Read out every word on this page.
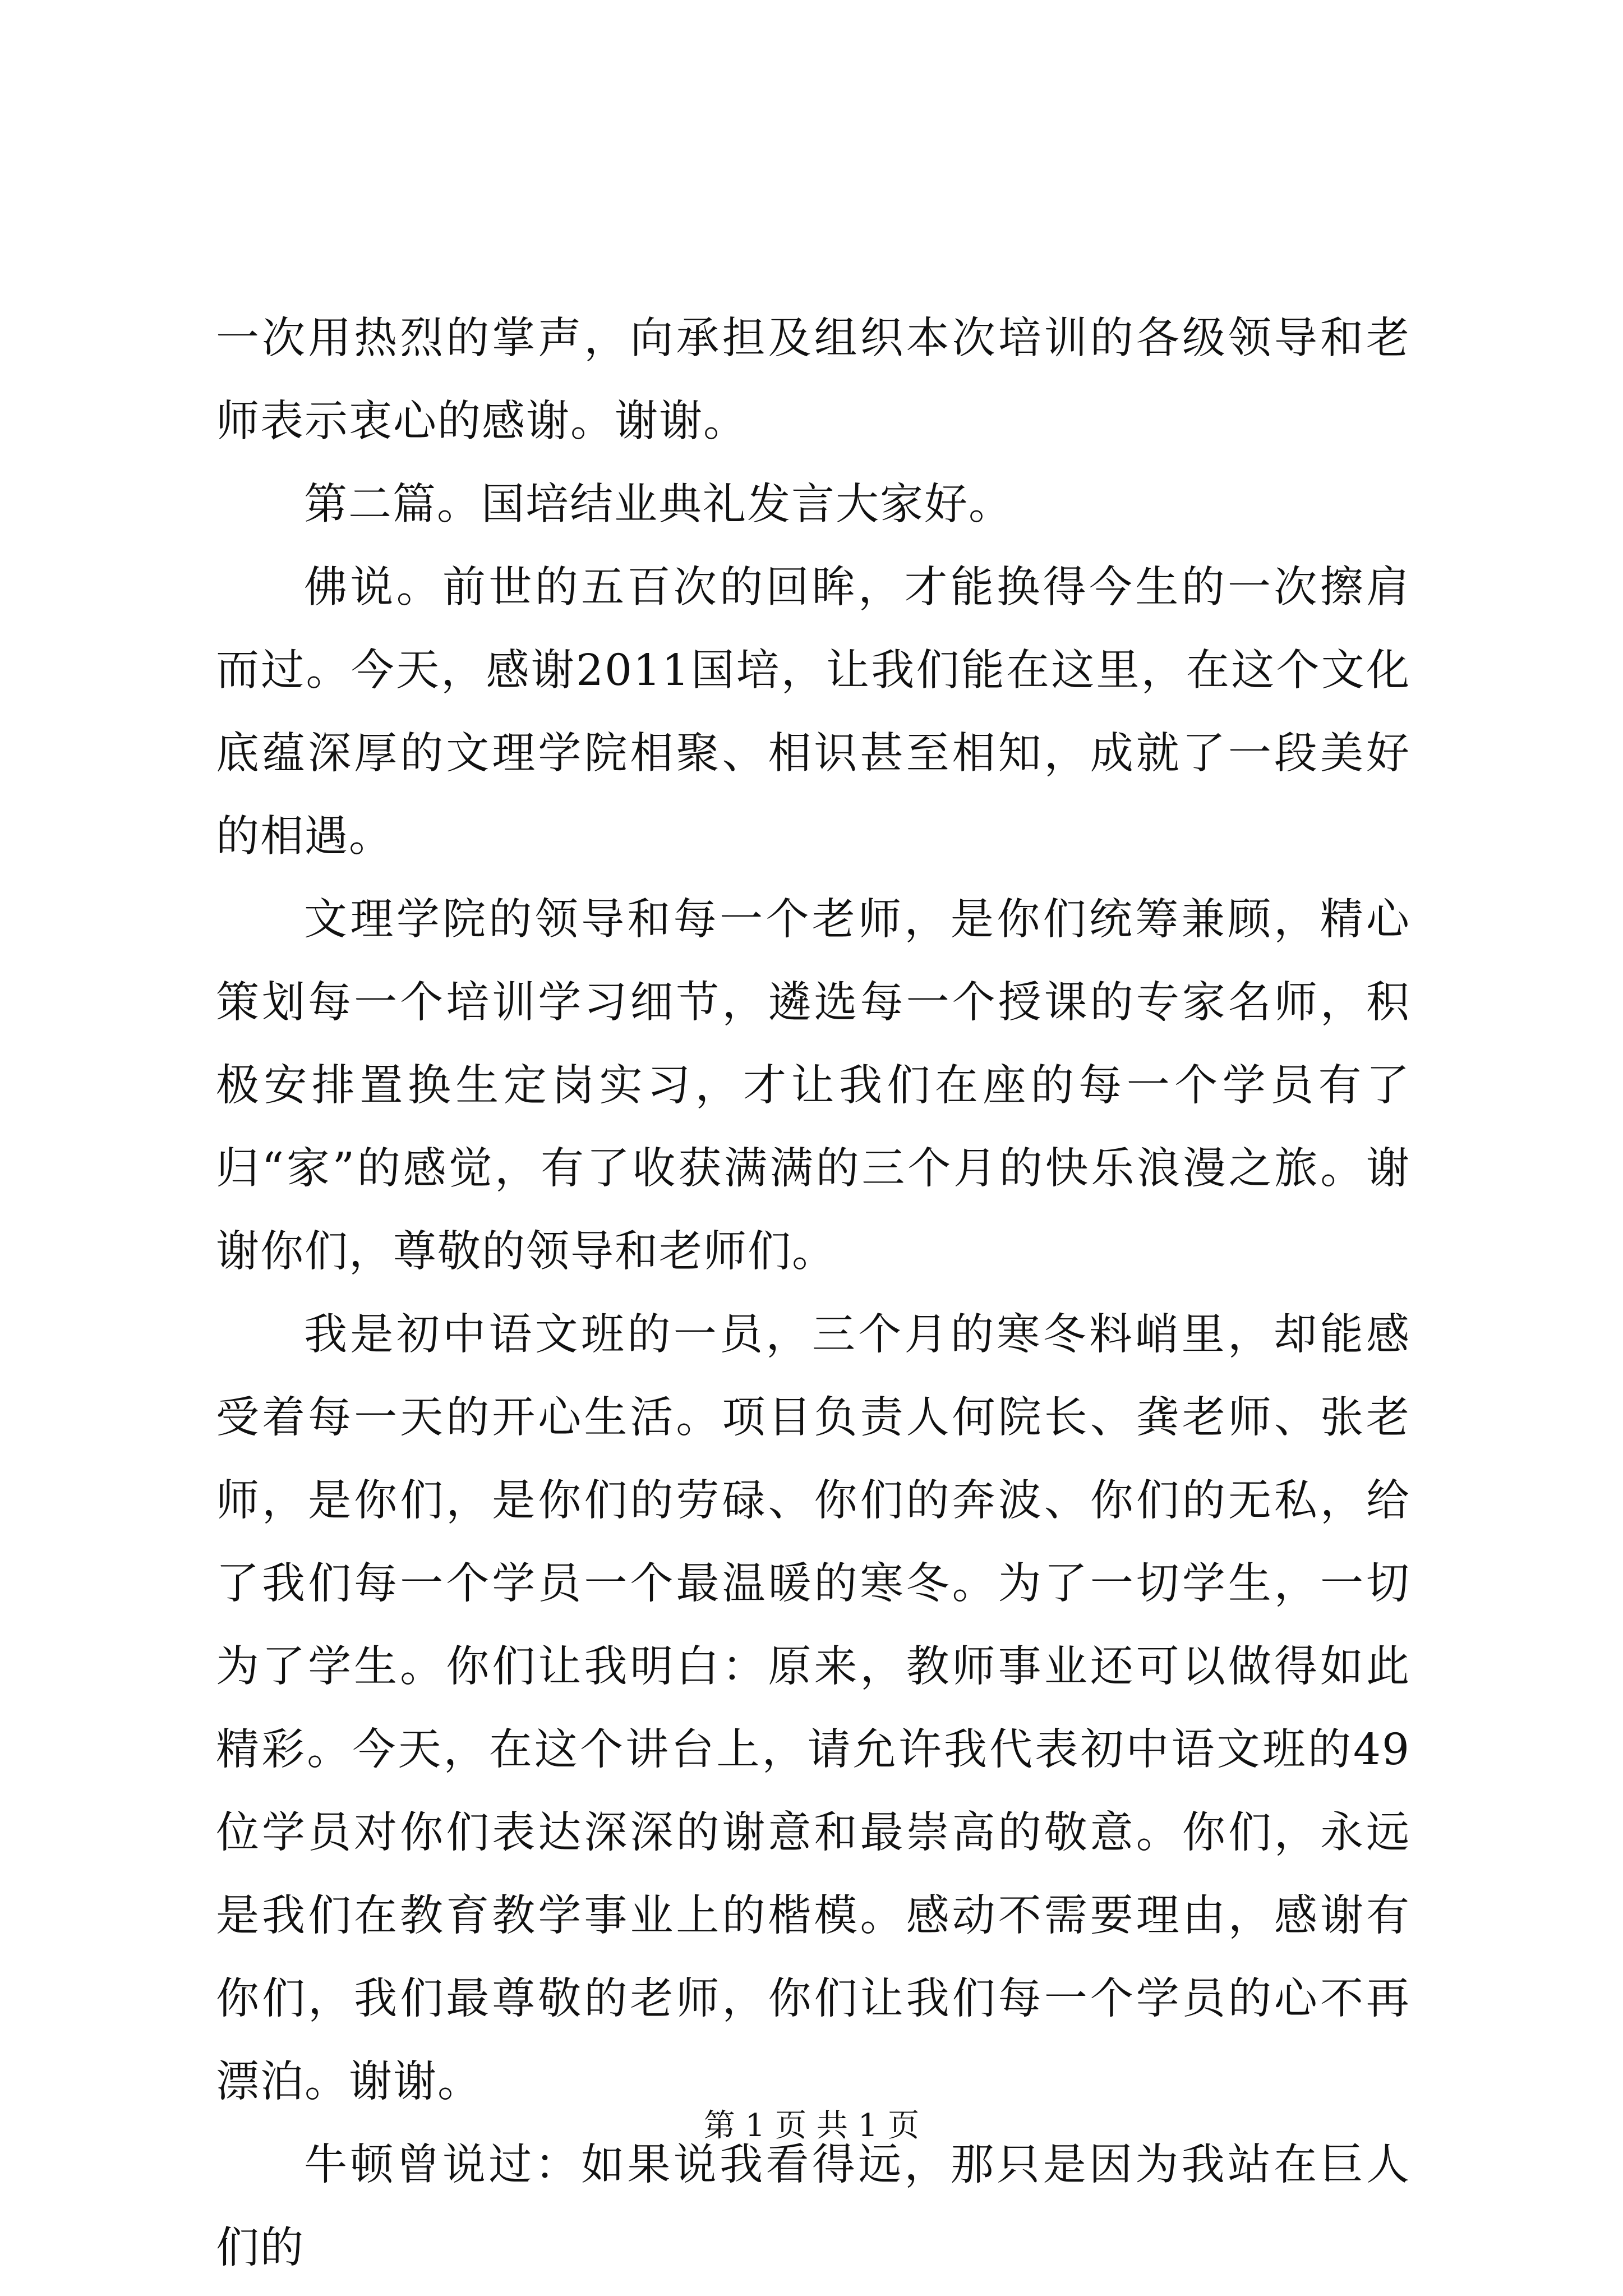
一次用热烈的掌声，向承担及组织本次培训的各级领导和老师表示衷心的感谢。谢谢。

第二篇。国培结业典礼发言大家好。

佛说。前世的五百次的回眸，才能换得今生的一次擦肩而过。今天，感谢2011国培，让我们能在这里，在这个文化底蕴深厚的文理学院相聚、相识甚至相知，成就了一段美好的相遇。

文理学院的领导和每一个老师，是你们统筹兼顾，精心策划每一个培训学习细节，遴选每一个授课的专家名师，积极安排置换生定岗实习，才让我们在座的每一个学员有了归“家”的感觉，有了收获满满的三个月的快乐浪漫之旅。谢谢你们，尊敬的领导和老师们。

我是初中语文班的一员，三个月的寒冬料峭里，却能感受着每一天的开心生活。项目负责人何院长、龚老师、张老师，是你们，是你们的劳碌、你们的奔波、你们的无私，给了我们每一个学员一个最温暖的寒冬。为了一切学生，一切为了学生。你们让我明白：原来，教师事业还可以做得如此精彩。今天，在这个讲台上，请允许我代表初中语文班的49位学员对你们表达深深的谢意和最崇高的敬意。你们，永远是我们在教育教学事业上的楷模。感动不需要理由，感谢有你们，我们最尊敬的老师，你们让我们每一个学员的心不再漂泊。谢谢。

牛顿曾说过：如果说我看得远，那只是因为我站在巨人们的

第 1 页 共 1 页
